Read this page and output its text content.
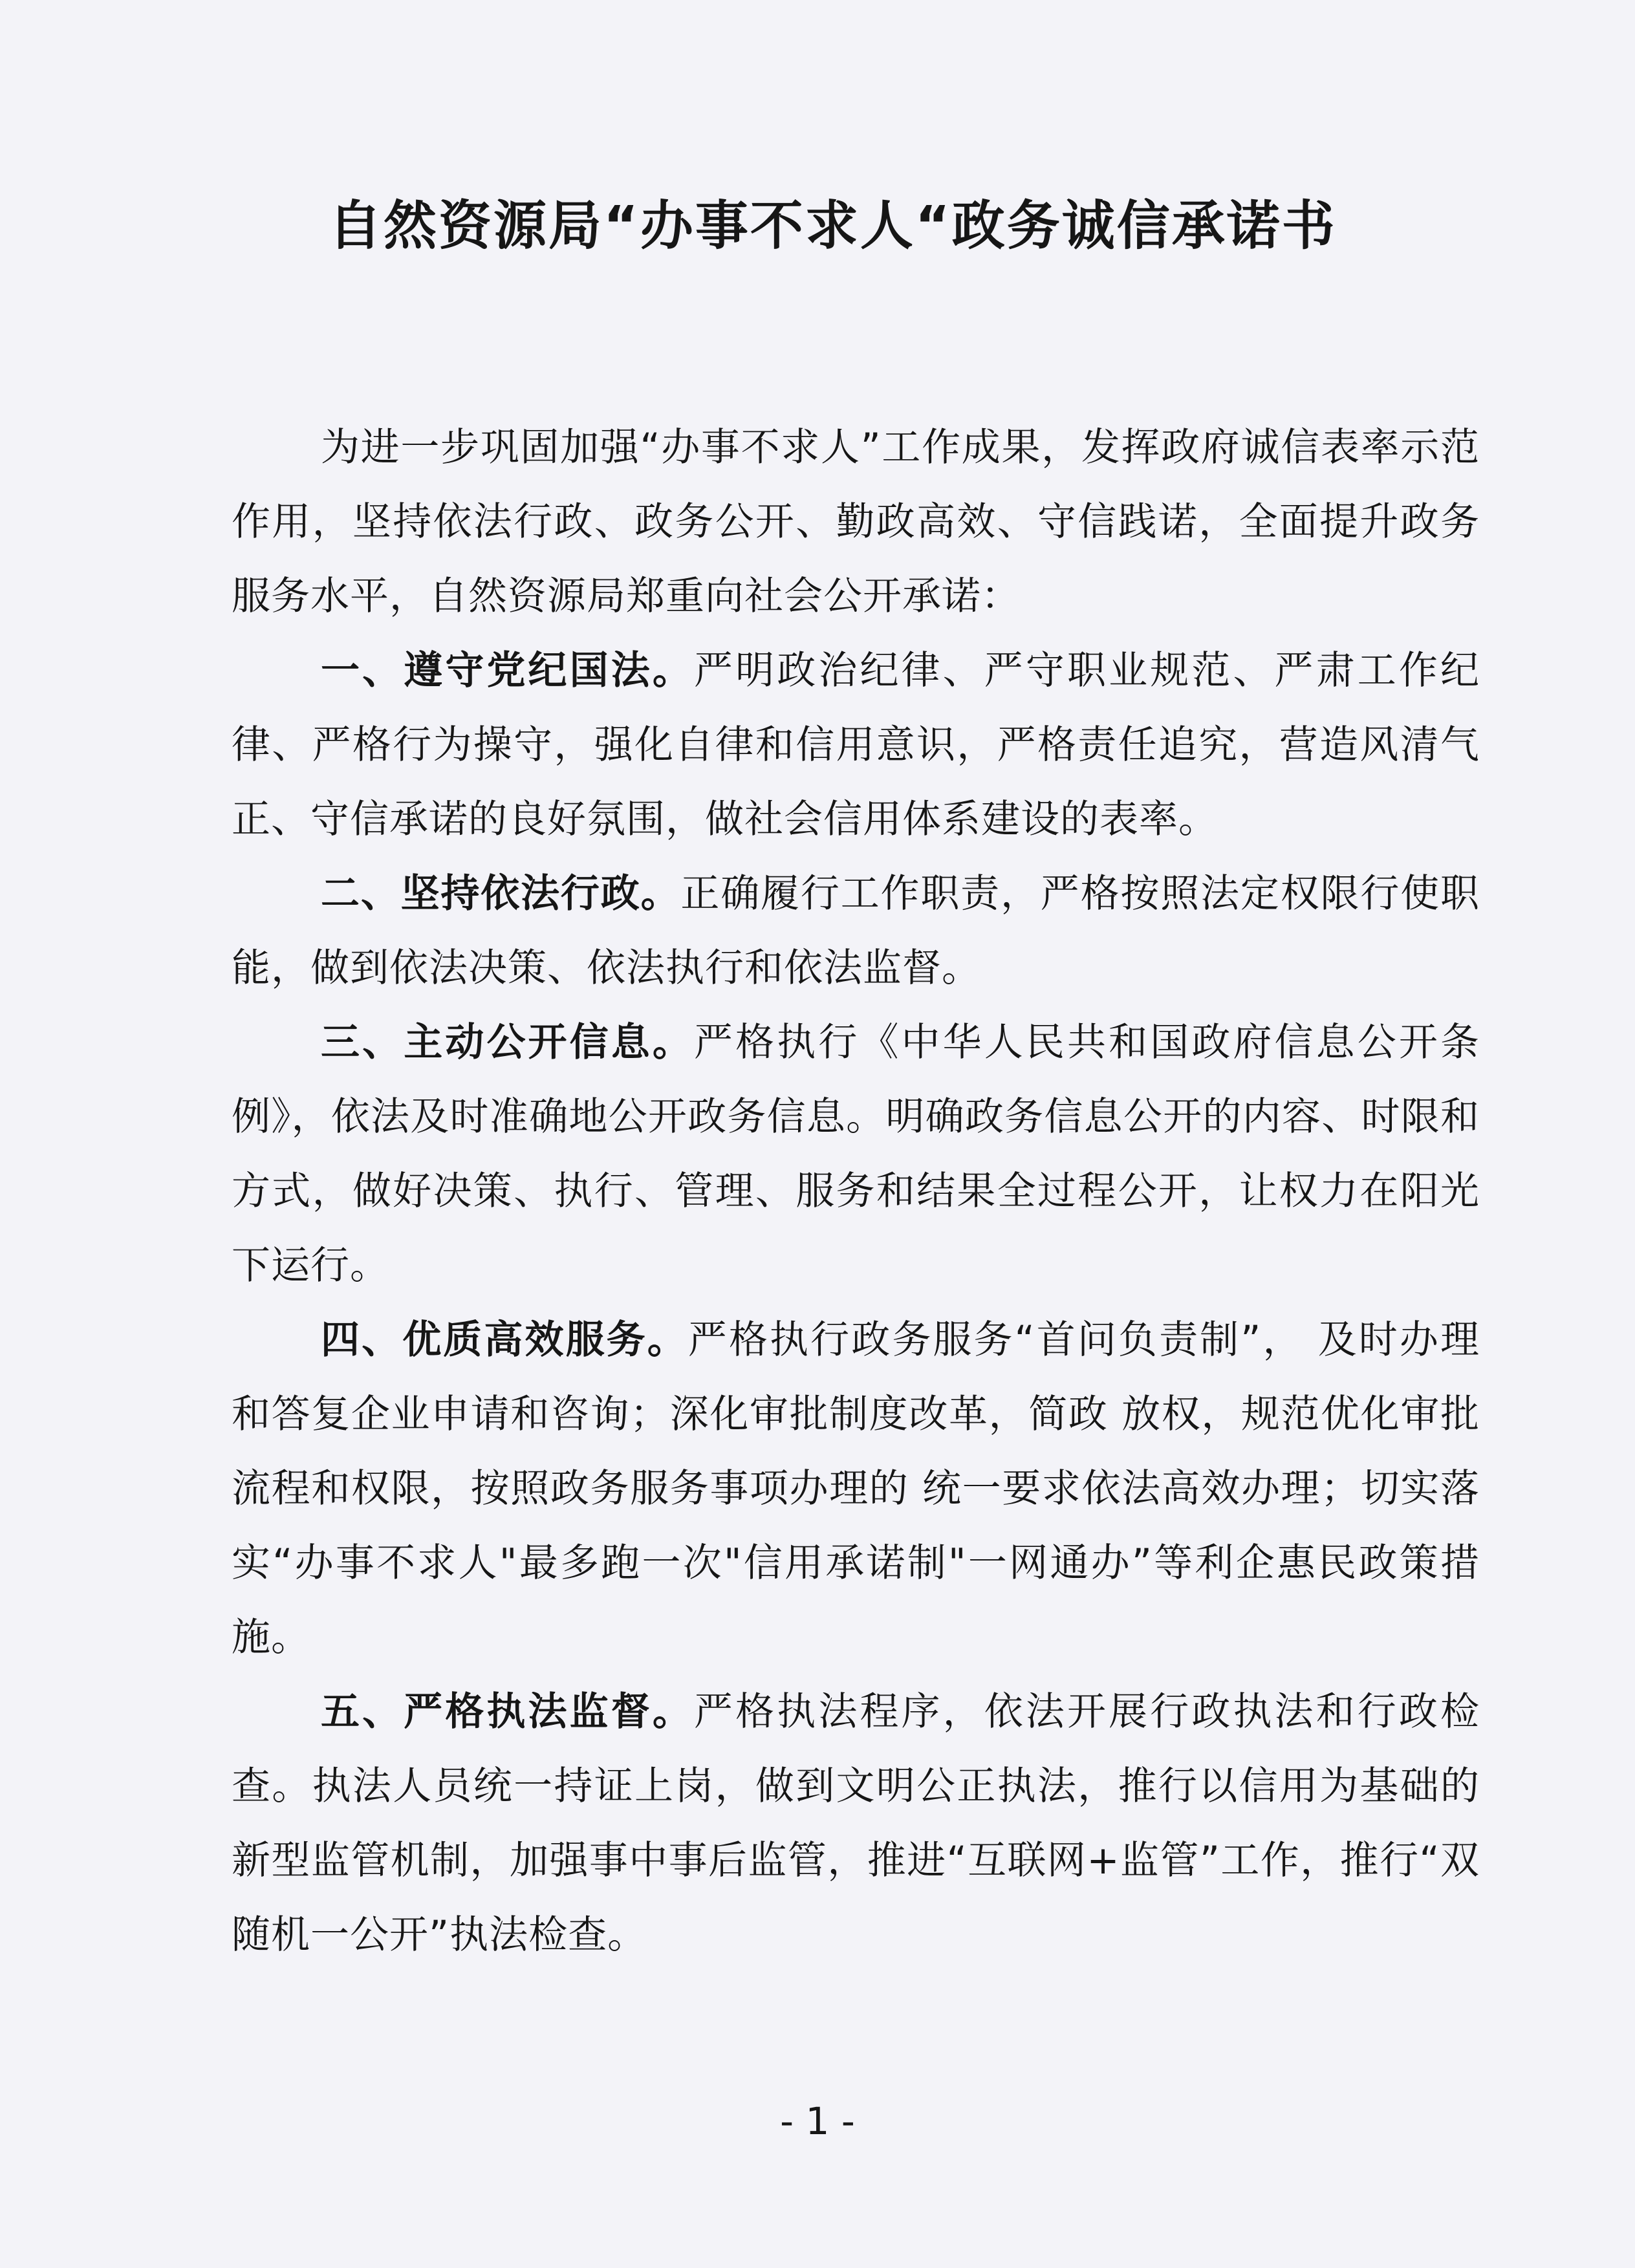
自然资源局“办事不求人“政务诚信承诺书

为进一步巩固加强“办事不求人”工作成果，发挥政府诚信表率示范作用，坚持依法行政、政务公开、勤政高效、守信践诺，全面提升政务服务水平，自然资源局郑重向社会公开承诺：

一、遵守党纪国法。严明政治纪律、严守职业规范、严肃工作纪律、严格行为操守，强化自律和信用意识，严格责任追究，营造风清气正、守信承诺的良好氛围，做社会信用体系建设的表率。

二、坚持依法行政。正确履行工作职责，严格按照法定权限行使职能，做到依法决策、依法执行和依法监督。

三、主动公开信息。严格执行《中华人民共和国政府信息公开条例》，依法及时准确地公开政务信息。明确政务信息公开的内容、时限和方式，做好决策、执行、管理、服务和结果全过程公开，让权力在阳光下运行。

四、优质高效服务。严格执行政务服务“首问负责制”， 及时办理和答复企业申请和咨询；深化审批制度改革，简政 放权，规范优化审批流程和权限，按照政务服务事项办理的 统一要求依法高效办理；切实落实“办事不求人"最多跑一次"信用承诺制"一网通办”等利企惠民政策措施。

五、严格执法监督。严格执法程序，依法开展行政执法和行政检查。执法人员统一持证上岗，做到文明公正执法，推行以信用为基础的新型监管机制，加强事中事后监管，推进“互联网+监管”工作，推行“双随机一公开”执法检查。

- 1 -
